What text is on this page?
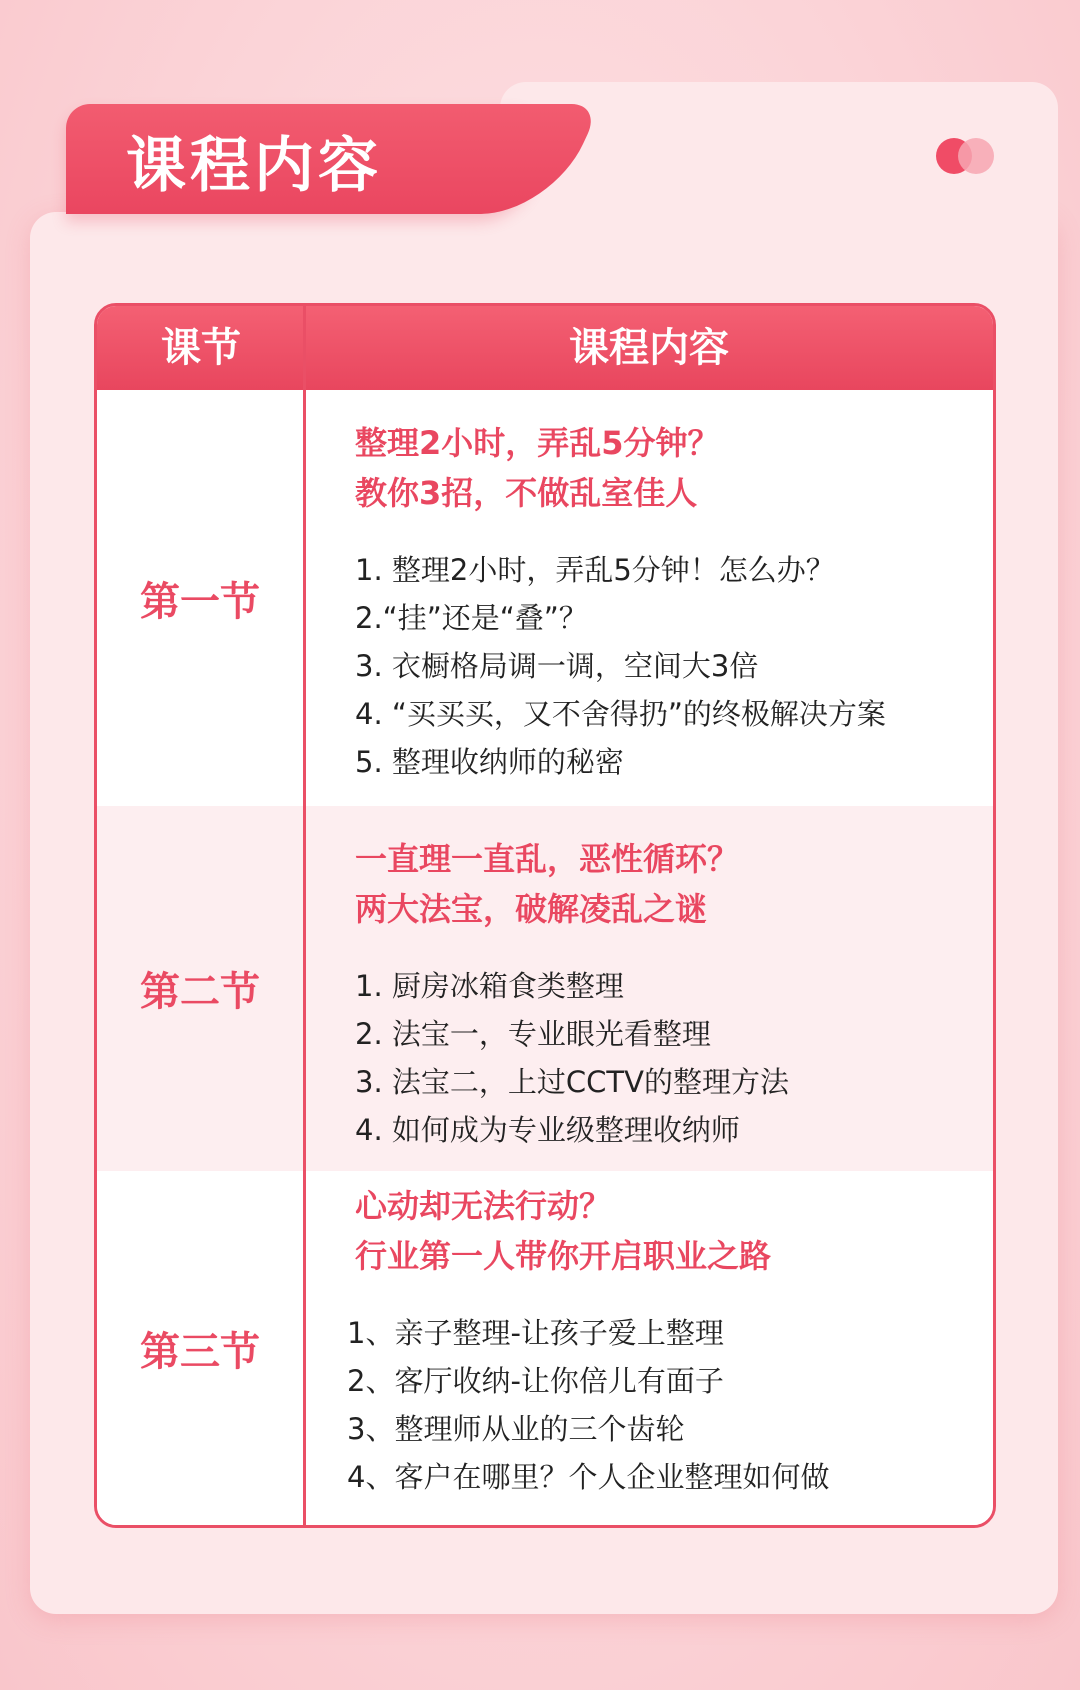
课程内容
课节	课程内容
第一节
整理2小时，弄乱5分钟？
教你3招，不做乱室佳人
1. 整理2小时，弄乱5分钟！怎么办？
2.“挂”还是“叠”？
3. 衣橱格局调一调，空间大3倍
4. “买买买，又不舍得扔”的终极解决方案
5. 整理收纳师的秘密
第二节
一直理一直乱，恶性循环？
两大法宝，破解凌乱之谜
1. 厨房冰箱食类整理
2. 法宝一，专业眼光看整理
3. 法宝二，上过CCTV的整理方法
4. 如何成为专业级整理收纳师
第三节
心动却无法行动？
行业第一人带你开启职业之路
1、亲子整理-让孩子爱上整理
2、客厅收纳-让你倍儿有面子
3、整理师从业的三个齿轮
4、客户在哪里？个人企业整理如何做
